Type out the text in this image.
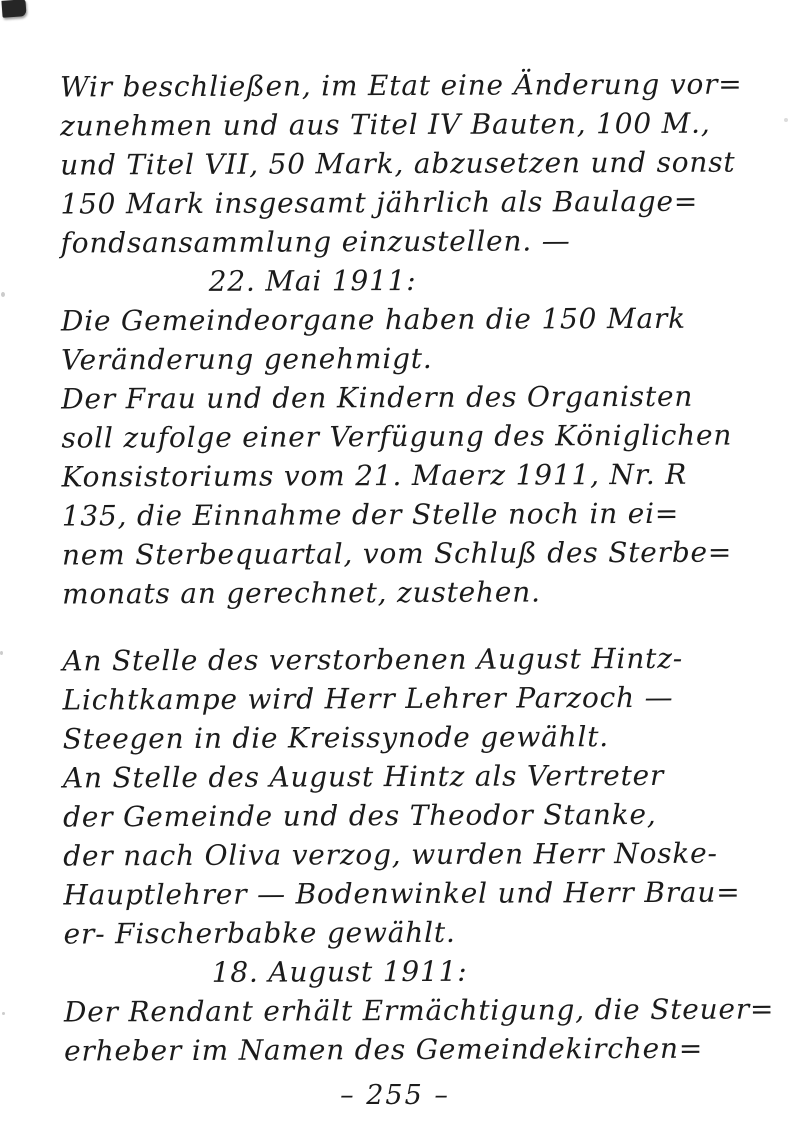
Wir beschließen, im Etat eine Änderung vor=
zunehmen und aus Titel IV Bauten, 100 M.,
und Titel VII, 50 Mark, abzusetzen und sonst
150 Mark insgesamt jährlich als Baulage=
fondsansammlung einzustellen. —
22. Mai 1911:
Die Gemeindeorgane haben die 150 Mark
Veränderung genehmigt.
Der Frau und den Kindern des Organisten
soll zufolge einer Verfügung des Königlichen
Konsistoriums vom 21. Maerz 1911, Nr. R
135, die Einnahme der Stelle noch in ei=
nem Sterbequartal, vom Schluß des Sterbe=
monats an gerechnet, zustehen.
An Stelle des verstorbenen August Hintz-
Lichtkampe wird Herr Lehrer Parzoch —
Steegen in die Kreissynode gewählt.
An Stelle des August Hintz als Vertreter
der Gemeinde und des Theodor Stanke,
der nach Oliva verzog, wurden Herr Noske-
Hauptlehrer — Bodenwinkel und Herr Brau=
er- Fischerbabke gewählt.
18. August 1911:
Der Rendant erhält Ermächtigung, die Steuer=
erheber im Namen des Gemeindekirchen=
– 255 –
